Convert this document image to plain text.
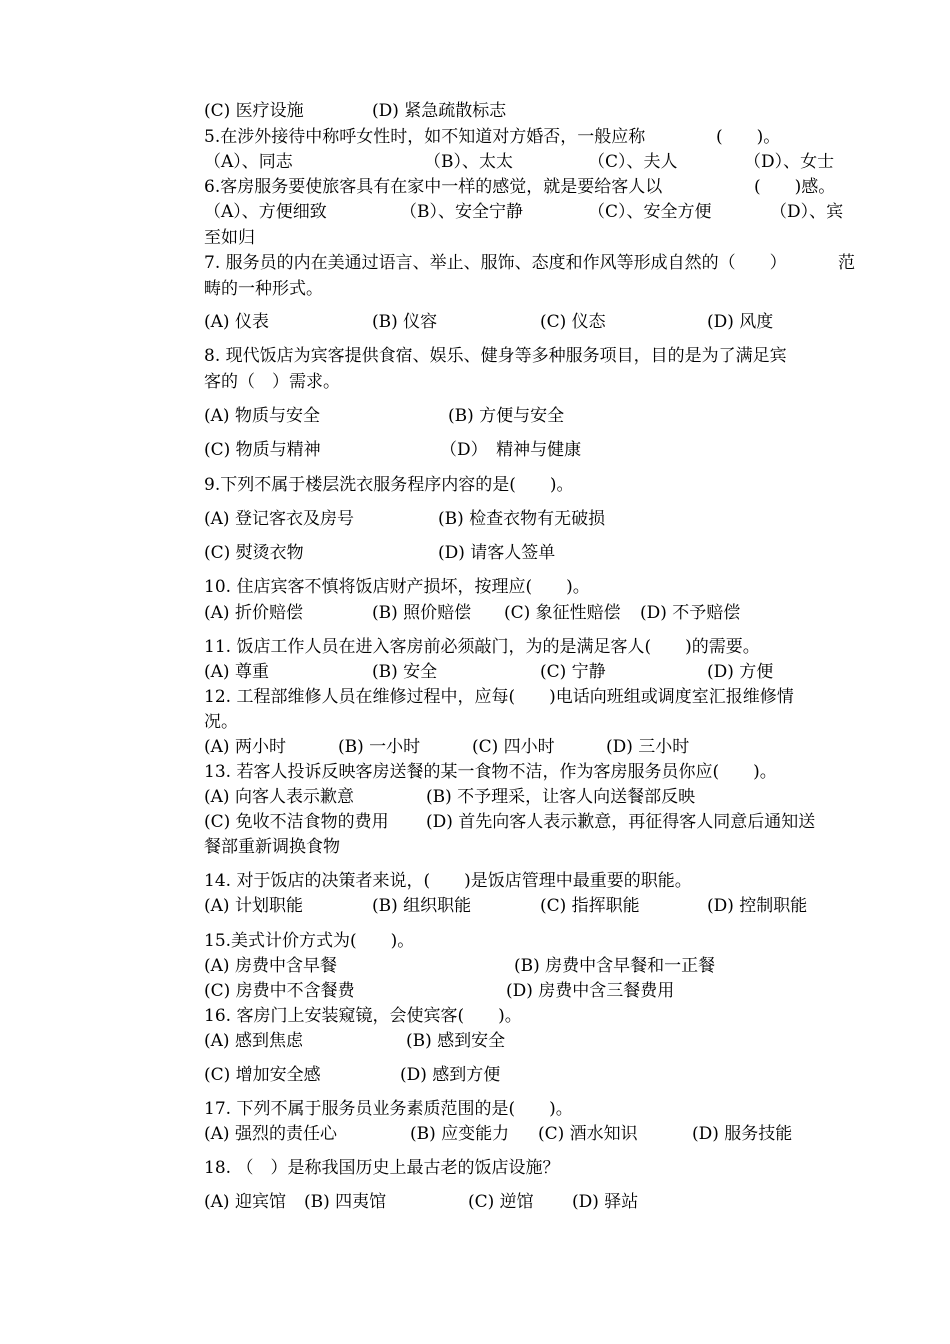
(C) 医疗设施	(D) 紧急疏散标志
5.在涉外接待中称呼女性时，如不知道对方婚否，一般应称	(　　)。
（A）、同志	（B）、太太	（C）、夫人	（D）、女士
6.客房服务要使旅客具有在家中一样的感觉，就是要给客人以	(　　)感。
（A）、方便细致	（B）、安全宁静	（C）、安全方便	（D）、宾
至如归
7. 服务员的内在美通过语言、举止、服饰、态度和作风等形成自然的（　　）	范
畴的一种形式。
(A) 仪表	(B) 仪容	(C) 仪态	(D) 风度
8. 现代饭店为宾客提供食宿、娱乐、健身等多种服务项目，目的是为了满足宾
客的（　）需求。
(A) 物质与安全	(B) 方便与安全
(C) 物质与精神	（D）　精神与健康
9.下列不属于楼层洗衣服务程序内容的是(　　)。
(A) 登记客衣及房号	(B) 检查衣物有无破损
(C) 熨烫衣物	(D) 请客人签单
10. 住店宾客不慎将饭店财产损坏，按理应(　　)。
(A) 折价赔偿	(B) 照价赔偿 (C) 象征性赔偿 (D) 不予赔偿
11. 饭店工作人员在进入客房前必须敲门，为的是满足客人(　　)的需要。
(A) 尊重	(B) 安全	(C) 宁静	(D) 方便
12. 工程部维修人员在维修过程中，应每(　　)电话向班组或调度室汇报维修情
况。
(A) 两小时	(B) 一小时	(C) 四小时	(D) 三小时
13. 若客人投诉反映客房送餐的某一食物不洁，作为客房服务员你应(　　)。
(A) 向客人表示歉意	(B) 不予理采，让客人向送餐部反映
(C) 免收不洁食物的费用 (D) 首先向客人表示歉意，再征得客人同意后通知送
餐部重新调换食物
14. 对于饭店的决策者来说，(　　)是饭店管理中最重要的职能。
(A) 计划职能	(B) 组织职能	(C) 指挥职能	(D) 控制职能
15.美式计价方式为(　　)。
(A) 房费中含早餐	(B) 房费中含早餐和一正餐
(C) 房费中不含餐费	(D) 房费中含三餐费用
16. 客房门上安装窥镜，会使宾客(　　)。
(A) 感到焦虑	(B) 感到安全
(C) 增加安全感	(D) 感到方便
17. 下列不属于服务员业务素质范围的是(　　)。
(A) 强烈的责任心	(B) 应变能力 (C) 酒水知识	(D) 服务技能
18. （　）是称我国历史上最古老的饭店设施？
(A) 迎宾馆 (B) 四夷馆	(C) 逆馆 (D) 驿站
